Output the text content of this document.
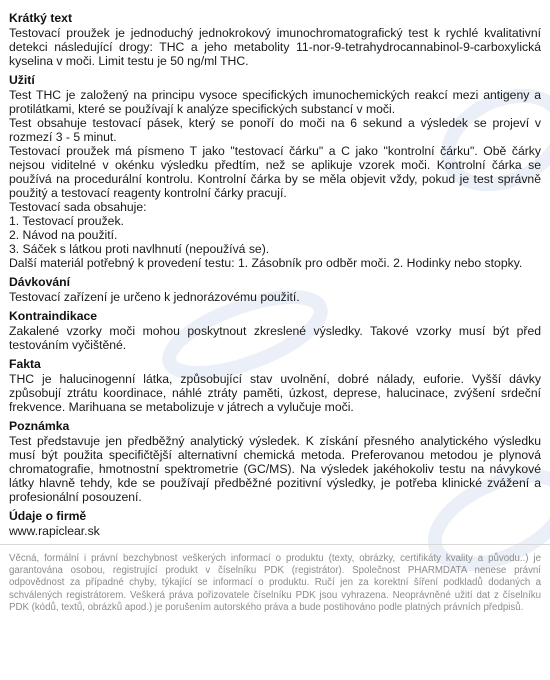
Krátký text

Testovací proužek je jednoduchý jednokrokový imunochromatografický test k rychlé kvalitativní detekci následující drogy: THC a jeho metabolity 11-nor-9-tetrahydrocannabinol-9-carboxylická kyselina v moči. Limit testu je 50 ng/ml THC.

Užití

Test THC je založený na principu vysoce specifických imunochemických reakcí mezi antigeny a protilátkami, které se používají k analýze specifických substancí v moči.

Test obsahuje testovací pásek, který se ponoří do moči na 6 sekund a výsledek se projeví v rozmezí 3 - 5 minut.

Testovací proužek má písmeno T jako "testovací čárku" a C jako "kontrolní čárku". Obě čárky nejsou viditelné v okénku výsledku předtím, než se aplikuje vzorek moči. Kontrolní čárka se používá na procedurální kontrolu. Kontrolní čárka by se měla objevit vždy, pokud je test správně použitý a testovací reagenty kontrolní čárky pracují.

Testovací sada obsahuje:

1. Testovací proužek.

2. Návod na použití.

3. Sáček s látkou proti navlhnutí (nepoužívá se).

Další materiál potřebný k provedení testu: 1. Zásobník pro odběr moči. 2. Hodinky nebo stopky.

Dávkování

Testovací zařízení je určeno k jednorázovému použití.

Kontraindikace

Zakalené vzorky moči mohou poskytnout zkreslené výsledky. Takové vzorky musí být před testováním vyčištěné.

Fakta

THC je halucinogenní látka, způsobující stav uvolnění, dobré nálady, euforie. Vyšší dávky způsobují ztrátu koordinace, náhlé ztráty paměti, úzkost, deprese, halucinace, zvýšení srdeční frekvence. Marihuana se metabolizuje v játrech a vylučuje moči.

Poznámka

Test představuje jen předběžný analytický výsledek. K získání přesného analytického výsledku musí být použita specifičtější alternativní chemická metoda. Preferovanou metodou je plynová chromatografie, hmotnostní spektrometrie (GC/MS). Na výsledek jakéhokoliv testu na návykové látky hlavně tehdy, kde se používají předběžné pozitivní výsledky, je potřeba klinické zvážení a profesionální posouzení.

Údaje o firmě

www.rapiclear.sk

Věcná, formální i právní bezchybnost veškerých informací o produktu (texty, obrázky, certifikáty kvality a původu..) je garantována osobou, registrující produkt v číselníku PDK (registrátor). Společnost PHARMDATA nenese právní odpovědnost za případné chyby, týkající se informací o produktu. Ručí jen za korektní šíření podkladů dodaných a schválených registrátorem. Veškerá práva pořizovatele číselníku PDK jsou vyhrazena. Neoprávněné užití dat z číselníku PDK (kódů, textů, obrázků apod.) je porušením autorského práva a bude postihováno podle platných právních předpisů.
